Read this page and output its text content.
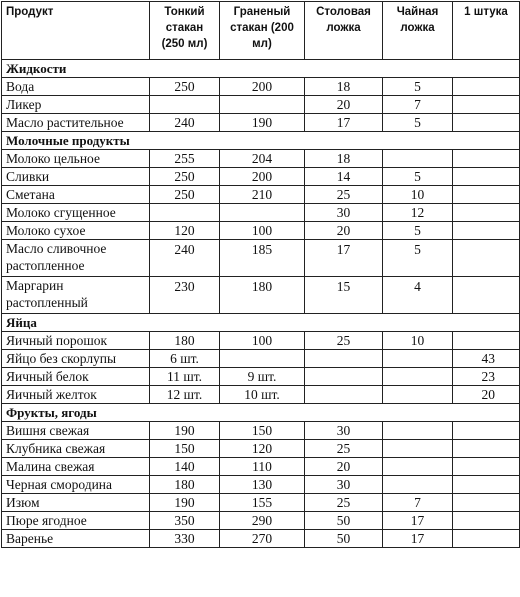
Продукт	Тонкий стакан (250 мл)	Граненый стакан (200 мл)	Столовая ложка	Чайная ложка	1 штука
Жидкости					
Вода	250	200	18	5	
Ликер			20	7	
Масло растительное	240	190	17	5	
Молочные продукты					
Молоко цельное	255	204	18		
Сливки	250	200	14	5	
Сметана	250	210	25	10	
Молоко сгущенное			30	12	
Молоко сухое	120	100	20	5	
Масло сливочное растопленное	240	185	17	5	
Маргарин растопленный	230	180	15	4	
Яйца					
Яичный порошок	180	100	25	10	
Яйцо без скорлупы	6 шт.				43
Яичный белок	11 шт.	9 шт.			23
Яичный желток	12 шт.	10 шт.			20
Фрукты, ягоды					
Вишня свежая	190	150	30		
Клубника свежая	150	120	25		
Малина свежая	140	110	20		
Черная смородина	180	130	30		
Изюм	190	155	25	7	
Пюре ягодное	350	290	50	17	
Варенье	330	270	50	17	
